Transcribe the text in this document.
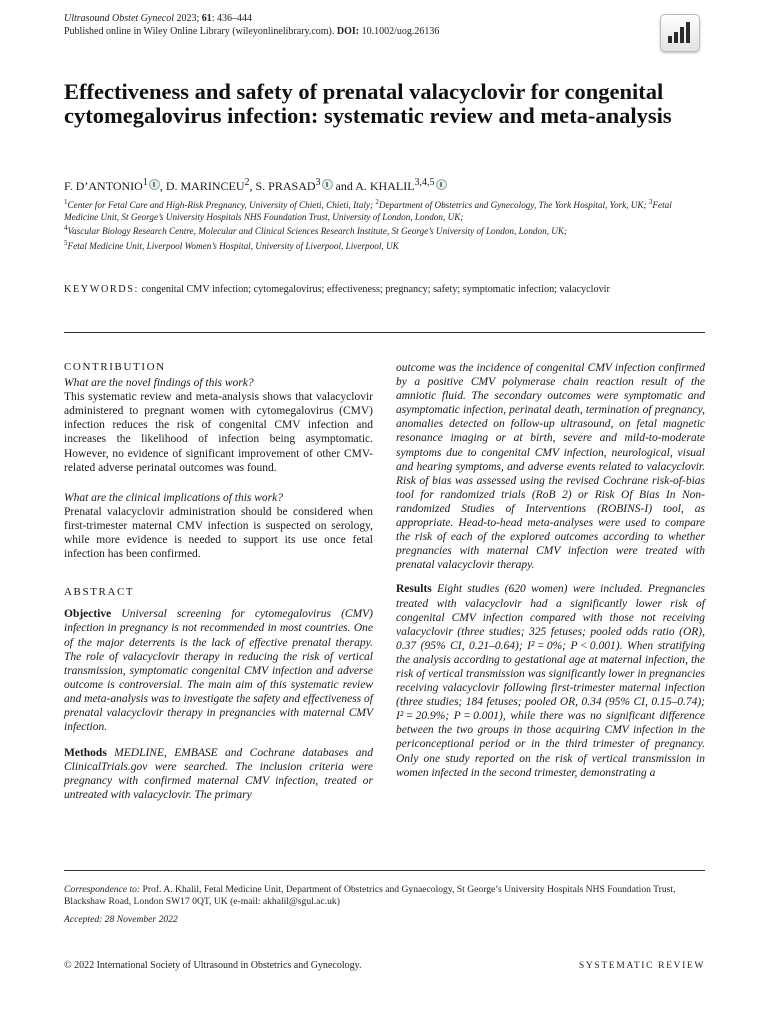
Ultrasound Obstet Gynecol 2023; 61: 436–444
Published online in Wiley Online Library (wileyonlinelibrary.com). DOI: 10.1002/uog.26136
Effectiveness and safety of prenatal valacyclovir for congenital cytomegalovirus infection: systematic review and meta-analysis
F. D’ANTONIO$^1$ , D. MARINCEU$^2$, S. PRASAD$^3$ and A. KHALIL$^{3,4,5}$
$^1$Center for Fetal Care and High-Risk Pregnancy, University of Chieti, Chieti, Italy; $^2$Department of Obstetrics and Gynecology, The York Hospital, York, UK; $^3$Fetal Medicine Unit, St George’s University Hospitals NHS Foundation Trust, University of London, London, UK;
$^4$Vascular Biology Research Centre, Molecular and Clinical Sciences Research Institute, St George’s University of London, London, UK;
$^5$Fetal Medicine Unit, Liverpool Women’s Hospital, University of Liverpool, Liverpool, UK
KEYWORDS: congenital CMV infection; cytomegalovirus; effectiveness; pregnancy; safety; symptomatic infection; valacyclovir
CONTRIBUTION

What are the novel findings of this work?

This systematic review and meta-analysis shows that valacyclovir administered to pregnant women with cytomegalovirus (CMV) infection reduces the risk of congenital CMV infection and increases the likelihood of infection being asymptomatic. However, no evidence of significant improvement of other CMV-related adverse perinatal outcomes was found.

What are the clinical implications of this work?

Prenatal valacyclovir administration should be considered when first-trimester maternal CMV infection is suspected on serology, while more evidence is needed to support its use once fetal infection has been confirmed.

ABSTRACT

Objective Universal screening for cytomegalovirus (CMV) infection in pregnancy is not recommended in most countries. One of the major deterrents is the lack of effective prenatal therapy. The role of valacyclovir therapy in reducing the risk of vertical transmission, symptomatic congenital CMV infection and adverse outcome is controversial. The main aim of this systematic review and meta-analysis was to investigate the safety and effectiveness of prenatal valacyclovir therapy in pregnancies with maternal CMV infection.

Methods MEDLINE, EMBASE and Cochrane databases and ClinicalTrials.gov were searched. The inclusion criteria were pregnancy with confirmed maternal CMV infection, treated or untreated with valacyclovir. The primary

outcome was the incidence of congenital CMV infection confirmed by a positive CMV polymerase chain reaction result of the amniotic fluid. The secondary outcomes were symptomatic and asymptomatic infection, perinatal death, termination of pregnancy, anomalies detected on follow-up ultrasound, on fetal magnetic resonance imaging or at birth, severe and mild-to-moderate symptoms due to congenital CMV infection, neurological, visual and hearing symptoms, and adverse events related to valacyclovir. Risk of bias was assessed using the revised Cochrane risk-of-bias tool for randomized trials (RoB 2) or Risk Of Bias In Non-randomized Studies of Interventions (ROBINS-I) tool, as appropriate. Head-to-head meta-analyses were used to compare the risk of each of the explored outcomes according to whether pregnancies with maternal CMV infection were treated with prenatal valacyclovir therapy.

Results Eight studies (620 women) were included. Pregnancies treated with valacyclovir had a significantly lower risk of congenital CMV infection compared with those not receiving valacyclovir (three studies; 325 fetuses; pooled odds ratio (OR), 0.37 (95% CI, 0.21–0.64); I² = 0%; P < 0.001). When stratifying the analysis according to gestational age at maternal infection, the risk of vertical transmission was significantly lower in pregnancies receiving valacyclovir following first-trimester maternal infection (three studies; 184 fetuses; pooled OR, 0.34 (95% CI, 0.15–0.74); I² = 20.9%; P = 0.001), while there was no significant difference between the two groups in those acquiring CMV infection in the periconceptional period or in the third trimester of pregnancy. Only one study reported on the risk of vertical transmission in women infected in the second trimester, demonstrating a

Correspondence to: Prof. A. Khalil, Fetal Medicine Unit, Department of Obstetrics and Gynaecology, St George’s University Hospitals NHS Foundation Trust, Blackshaw Road, London SW17 0QT, UK (e-mail: akhalil@sgul.ac.uk)
Accepted: 28 November 2022
© 2022 International Society of Ultrasound in Obstetrics and Gynecology.	SYSTEMATIC REVIEW
